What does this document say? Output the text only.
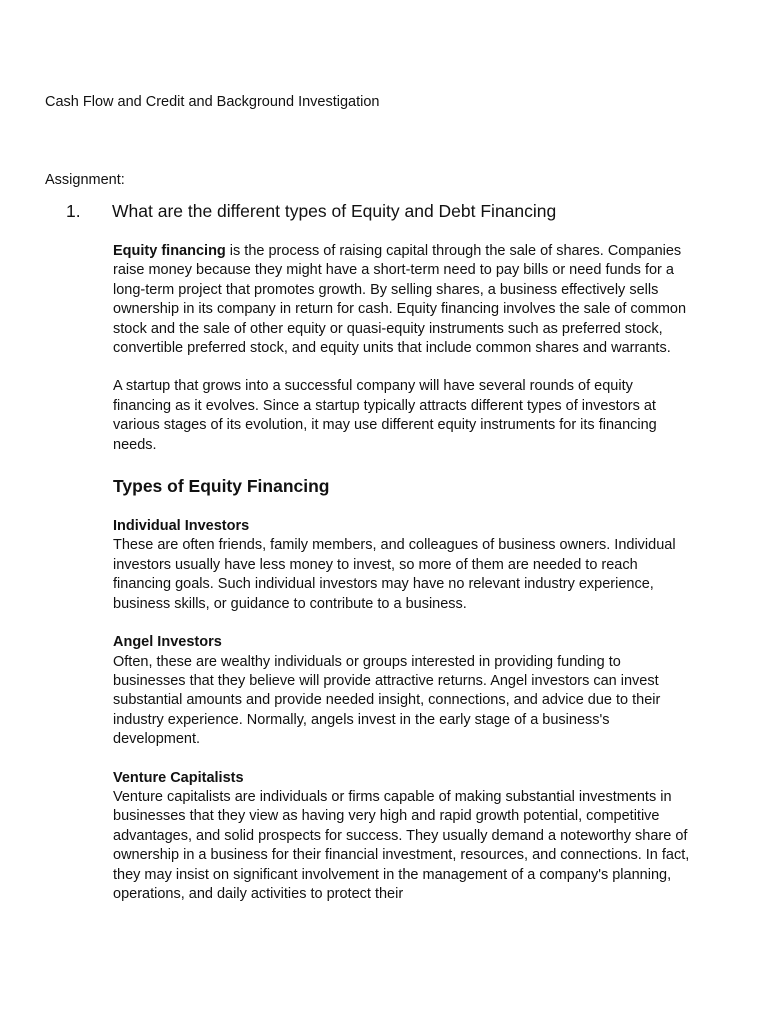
Cash Flow and Credit and Background Investigation
Assignment:
1. What are the different types of Equity and Debt Financing

Equity financing is the process of raising capital through the sale of shares. Companies raise money because they might have a short-term need to pay bills or need funds for a long-term project that promotes growth. By selling shares, a business effectively sells ownership in its company in return for cash. Equity financing involves the sale of common stock and the sale of other equity or quasi-equity instruments such as preferred stock, convertible preferred stock, and equity units that include common shares and warrants.

A startup that grows into a successful company will have several rounds of equity financing as it evolves. Since a startup typically attracts different types of investors at various stages of its evolution, it may use different equity instruments for its financing needs.

Types of Equity Financing
Individual Investors

These are often friends, family members, and colleagues of business owners. Individual investors usually have less money to invest, so more of them are needed to reach financing goals. Such individual investors may have no relevant industry experience, business skills, or guidance to contribute to a business.

Angel Investors

Often, these are wealthy individuals or groups interested in providing funding to businesses that they believe will provide attractive returns. Angel investors can invest substantial amounts and provide needed insight, connections, and advice due to their industry experience. Normally, angels invest in the early stage of a business's development.

Venture Capitalists

Venture capitalists are individuals or firms capable of making substantial investments in businesses that they view as having very high and rapid growth potential, competitive advantages, and solid prospects for success. They usually demand a noteworthy share of ownership in a business for their financial investment, resources, and connections. In fact, they may insist on significant involvement in the management of a company's planning, operations, and daily activities to protect their
